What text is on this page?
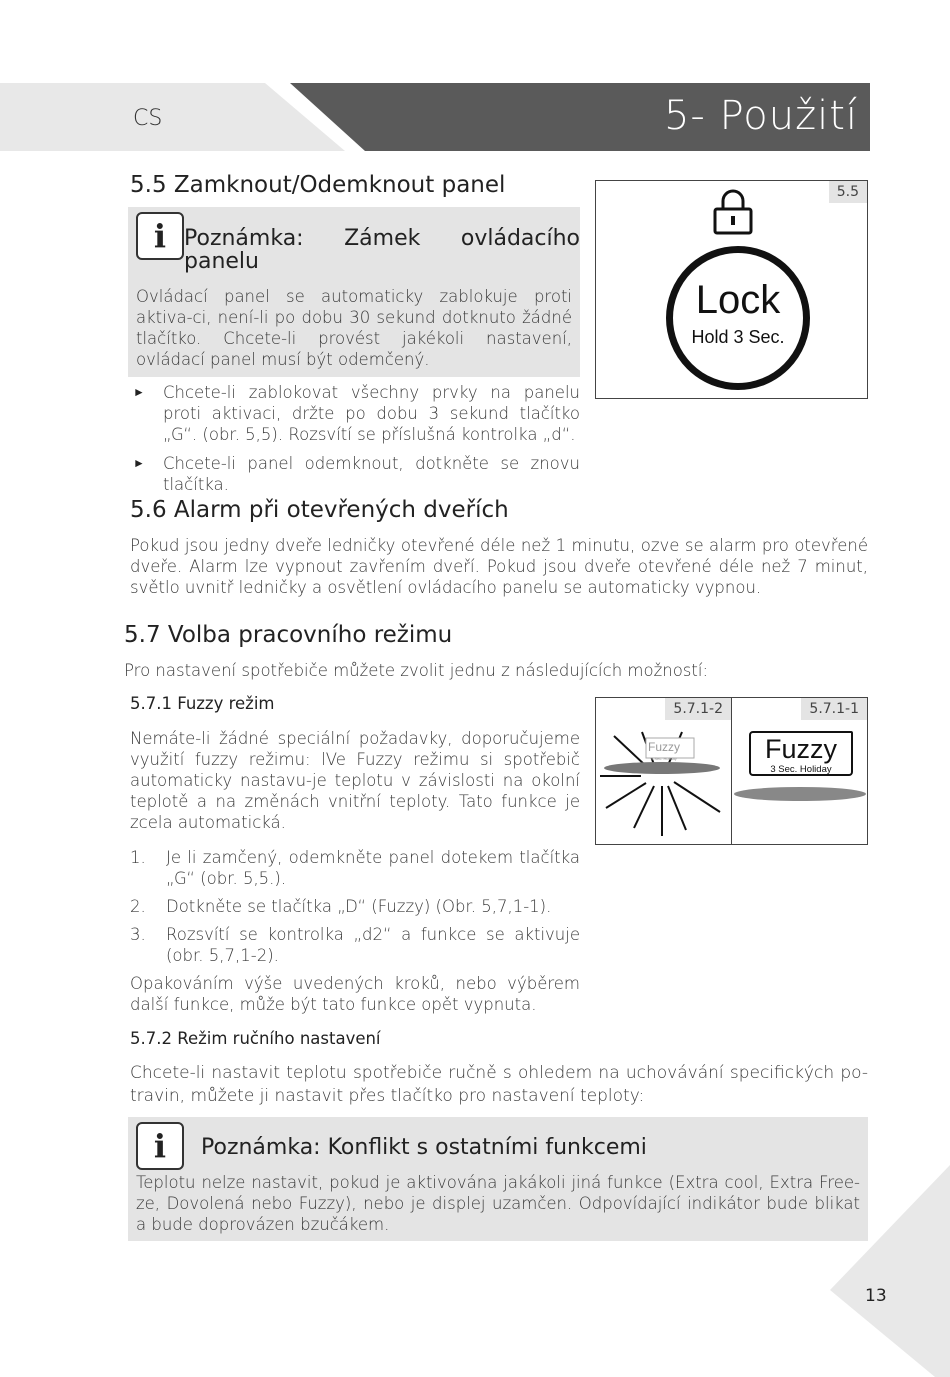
CS	5- Použití
5.5 Zamknout/Odemknout panel
i Poznámka: Zámek ovládacího panelu

Ovládací panel se automaticky zablokuje proti aktiva-ci, není-li po dobu 30 sekund dotknuto žádné tlačítko. Chcete-li provést jakékoli nastavení, ovládací panel musí být odemčený.

► Chcete-li zablokovat všechny prvky na panelu proti aktivaci, držte po dobu 3 sekund tlačítko „G“. (obr. 5,5). Rozsvítí se příslušná kontrolka „d“.
► Chcete-li panel odemknout, dotkněte se znovu tlačítka.
5.5
Lock
Hold 3 Sec.
5.6 Alarm při otevřených dveřích

Pokud jsou jedny dveře ledničky otevřené déle než 1 minutu, ozve se alarm pro otevřené dveře. Alarm lze vypnout zavřením dveří. Pokud jsou dveře otevřené déle než 7 minut, světlo uvnitř ledničky a osvětlení ovládacího panelu se automaticky vypnou.

5.7 Volba pracovního režimu

Pro nastavení spotřebiče můžete zvolit jednu z následujících možností:

5.7.1 Fuzzy režim

Nemáte-li žádné speciální požadavky, doporučujeme využití fuzzy režimu: lVe Fuzzy režimu si spotřebič automaticky nastavu-je teplotu v závislosti na okolní teplotě a na změnách vnitřní teploty. Tato funkce je zcela automatická.

1. Je li zamčený, odemkněte panel dotekem tlačítka „G“ (obr. 5,5.).
2. Dotkněte se tlačítka „D“ (Fuzzy) (Obr. 5,7,1-1).
3. Rozsvítí se kontrolka „d2“ a funkce se aktivuje (obr. 5,7,1-2).

Opakováním výše uvedených kroků, nebo výběrem další funkce, může být tato funkce opět vypnuta.

5.7.1-2
Fuzzy
3 Sec. Holiday
5.7.1-1
Fuzzy
3 Sec. Holiday
5.7.2 Režim ručního nastavení

Chcete-li nastavit teplotu spotřebiče ručně s ohledem na uchovávání specifických po-travin, můžete ji nastavit přes tlačítko pro nastavení teploty:

i	Poznámka: Konflikt s ostatními funkcemi

Teplotu nelze nastavit, pokud je aktivována jakákoli jiná funkce (Extra cool, Extra Free-ze, Dovolená nebo Fuzzy), nebo je displej uzamčen. Odpovídající indikátor bude blikat a bude doprovázen bzučákem.

13
